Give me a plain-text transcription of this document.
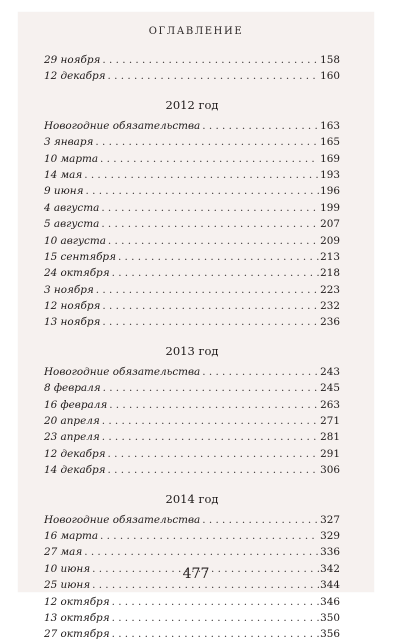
ОГЛАВЛЕНИЕ
29 ноября . . .	158
12 декабря . . .	160
2012 год
Новогодние обязательства . . .	163
3 января . . .	165
10 марта . . .	169
14 мая . . .	193
9 июня . . .	196
4 августа . . .	199
5 августа . . .	207
10 августа . . .	209
15 сентября . . .	213
24 октября . . .	218
3 ноября . . .	223
12 ноября . . .	232
13 ноября . . .	236
2013 год
Новогодние обязательства . . .	243
8 февраля . . .	245
16 февраля . . .	263
20 апреля . . .	271
23 апреля . . .	281
12 декабря . . .	291
14 декабря . . .	306
2014 год
Новогодние обязательства . . .	327
16 марта . . .	329
27 мая . . .	336
10 июня . . .	342
25 июня . . .	344
12 октября . . .	346
13 октября . . .	350
27 октября . . .	356
477
